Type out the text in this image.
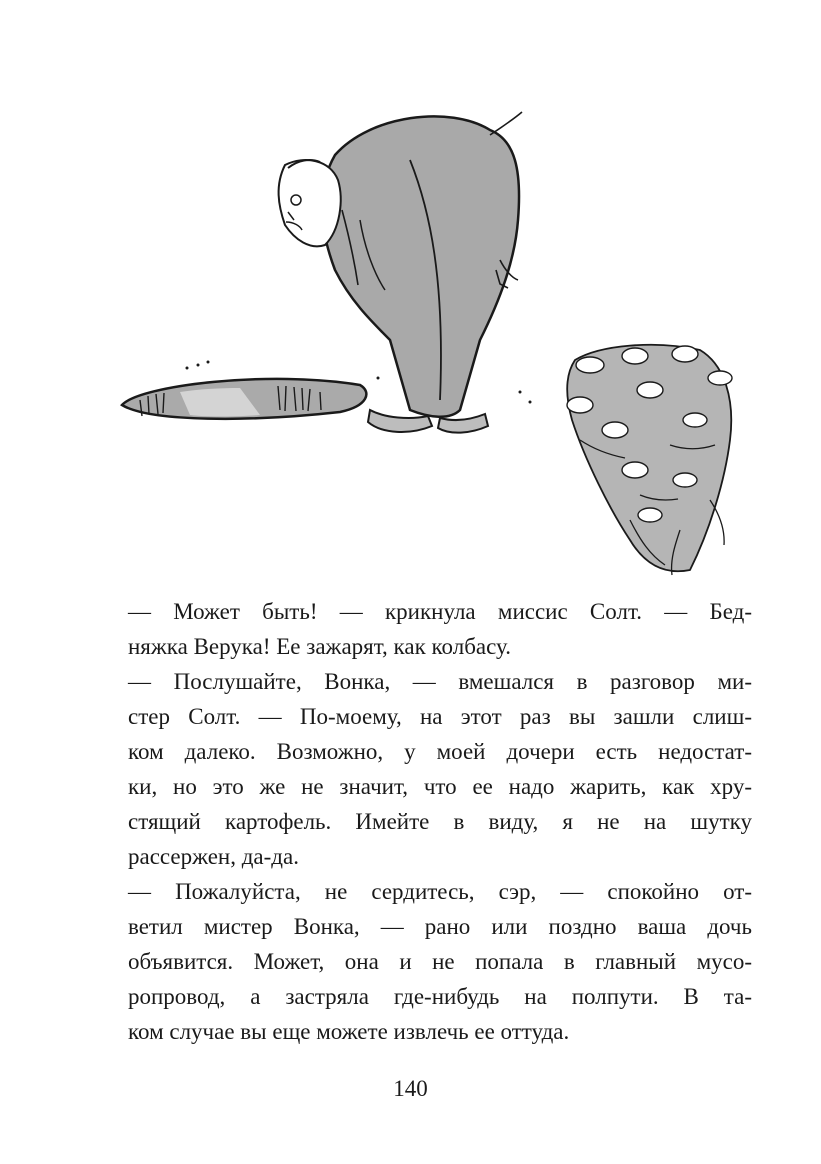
— Может быть! — крикнула миссис Солт. — Бед-
няжка Верука! Ее зажарят, как колбасу.
— Послушайте, Вонка, — вмешался в разговор ми-
стер Солт. — По-моему, на этот раз вы зашли слиш-
ком далеко. Возможно, у моей дочери есть недостат-
ки, но это же не значит, что ее надо жарить, как хру-
стящий картофель. Имейте в виду, я не на шутку
рассержен, да-да.
— Пожалуйста, не сердитесь, сэр, — спокойно от-
ветил мистер Вонка, — рано или поздно ваша дочь
объявится. Может, она и не попала в главный мусо-
ропровод, а застряла где-нибудь на полпути. В та-
ком случае вы еще можете извлечь ее оттуда.
140
